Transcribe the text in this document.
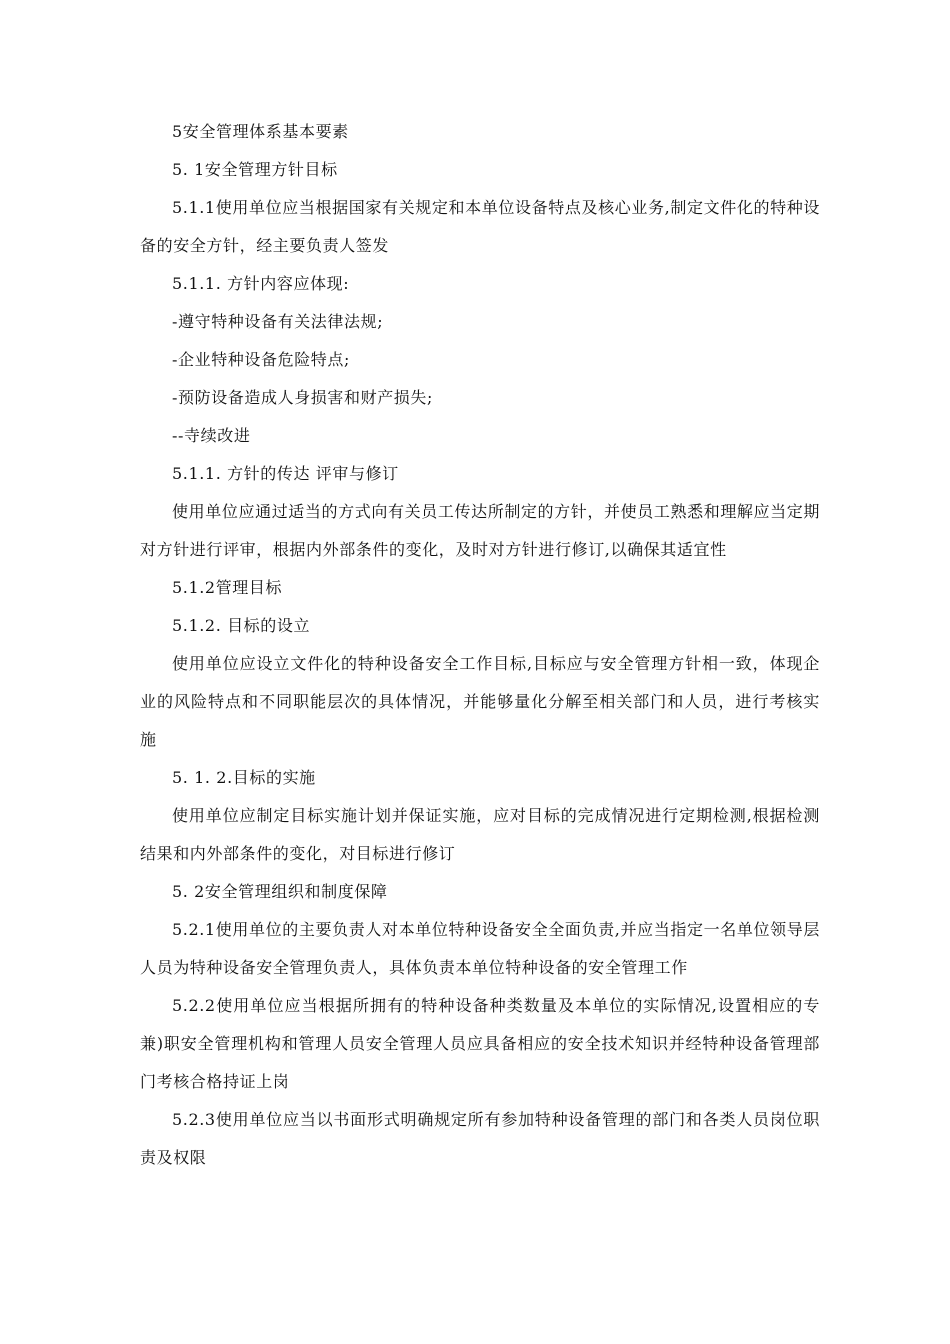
5安全管理体系基本要素

5. 1安全管理方针目标

5.1.1使用单位应当根据国家有关规定和本单位设备特点及核心业务,制定文件化的特种设备的安全方针，经主要负责人签发

5.1.1. 方针内容应体现:

-遵守特种设备有关法律法规;

-企业特种设备危险特点;

-预防设备造成人身损害和财产损失;

--寺续改进

5.1.1. 方针的传达 评审与修订

使用单位应通过适当的方式向有关员工传达所制定的方针，并使员工熟悉和理解应当定期对方针进行评审，根据内外部条件的变化，及时对方针进行修订,以确保其适宜性

5.1.2管理目标

5.1.2. 目标的设立

使用单位应设立文件化的特种设备安全工作目标,目标应与安全管理方针相一致，体现企业的风险特点和不同职能层次的具体情况，并能够量化分解至相关部门和人员，进行考核实施

5. 1. 2.目标的实施

使用单位应制定目标实施计划并保证实施，应对目标的完成情况进行定期检测,根据检测结果和内外部条件的变化，对目标进行修订

5. 2安全管理组织和制度保障

5.2.1使用单位的主要负责人对本单位特种设备安全全面负责,并应当指定一名单位领导层人员为特种设备安全管理负责人，具体负责本单位特种设备的安全管理工作

5.2.2使用单位应当根据所拥有的特种设备种类数量及本单位的实际情况,设置相应的专兼)职安全管理机构和管理人员安全管理人员应具备相应的安全技术知识并经特种设备管理部门考核合格持证上岗

5.2.3使用单位应当以书面形式明确规定所有参加特种设备管理的部门和各类人员岗位职责及权限
